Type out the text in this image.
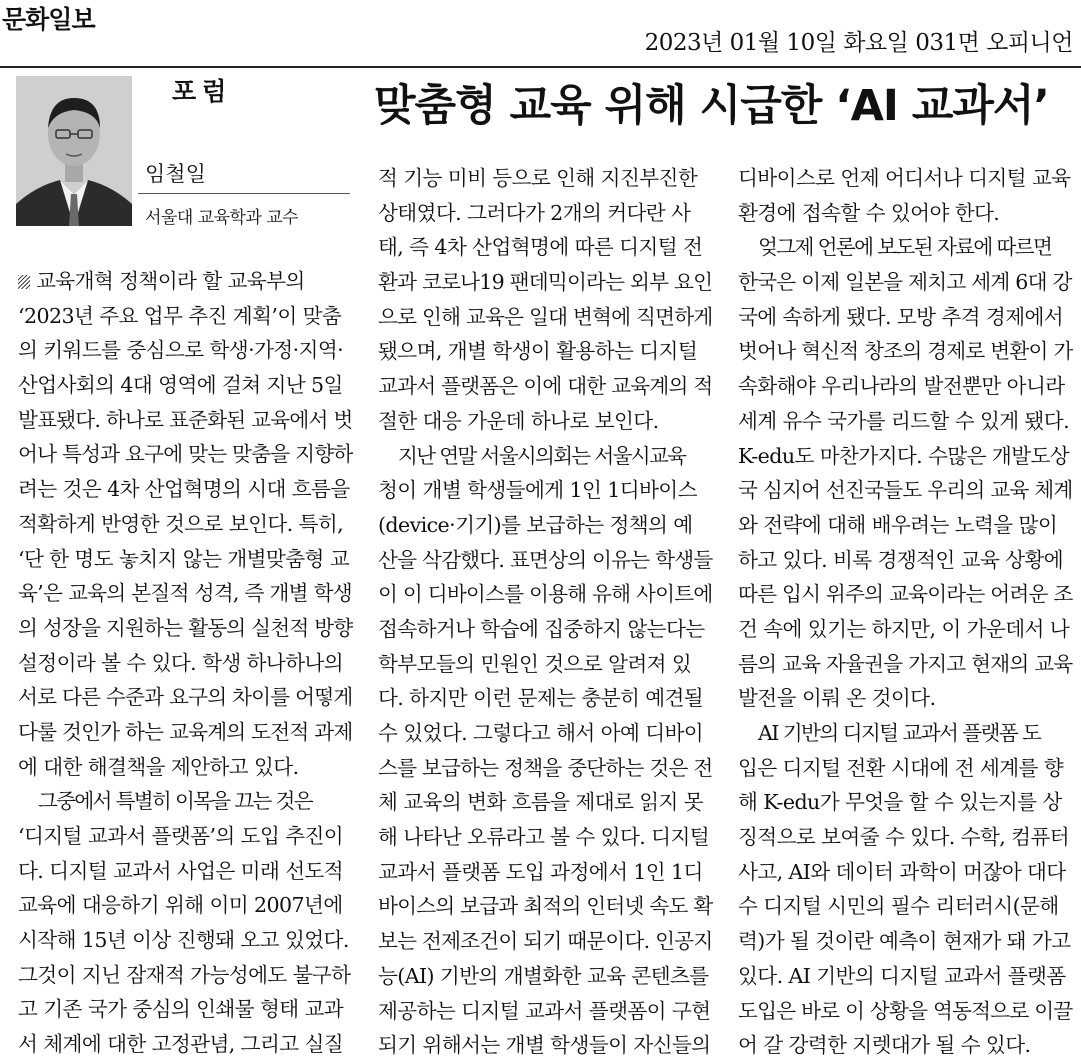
문화일보
2023년 01월 10일 화요일 031면 오피니언
포럼
임철일
서울대 교육학과 교수
맞춤형 교육 위해 시급한 ‘AI 교과서’

교육개혁 정책이라 할 교육부의
‘2023년 주요 업무 추진 계획’이 맞춤
의 키워드를 중심으로 학생·가정·지역·
산업사회의 4대 영역에 걸쳐 지난 5일
발표됐다. 하나로 표준화된 교육에서 벗
어나 특성과 요구에 맞는 맞춤을 지향하
려는 것은 4차 산업혁명의 시대 흐름을
적확하게 반영한 것으로 보인다. 특히,
‘단 한 명도 놓치지 않는 개별맞춤형 교
육’은 교육의 본질적 성격, 즉 개별 학생
의 성장을 지원하는 활동의 실천적 방향
설정이라 볼 수 있다. 학생 하나하나의
서로 다른 수준과 요구의 차이를 어떻게
다룰 것인가 하는 교육계의 도전적 과제
에 대한 해결책을 제안하고 있다.

그중에서 특별히 이목을 끄는 것은
‘디지털 교과서 플랫폼’의 도입 추진이
다. 디지털 교과서 사업은 미래 선도적
교육에 대응하기 위해 이미 2007년에
시작해 15년 이상 진행돼 오고 있었다.
그것이 지닌 잠재적 가능성에도 불구하
고 기존 국가 중심의 인쇄물 형태 교과
서 체계에 대한 고정관념, 그리고 실질

적 기능 미비 등으로 인해 지진부진한
상태였다. 그러다가 2개의 커다란 사
태, 즉 4차 산업혁명에 따른 디지털 전
환과 코로나19 팬데믹이라는 외부 요인
으로 인해 교육은 일대 변혁에 직면하게
됐으며, 개별 학생이 활용하는 디지털
교과서 플랫폼은 이에 대한 교육계의 적
절한 대응 가운데 하나로 보인다.

지난 연말 서울시의회는 서울시교육
청이 개별 학생들에게 1인 1디바이스
(device·기기)를 보급하는 정책의 예
산을 삭감했다. 표면상의 이유는 학생들
이 이 디바이스를 이용해 유해 사이트에
접속하거나 학습에 집중하지 않는다는
학부모들의 민원인 것으로 알려져 있
다. 하지만 이런 문제는 충분히 예견될
수 있었다. 그렇다고 해서 아예 디바이
스를 보급하는 정책을 중단하는 것은 전
체 교육의 변화 흐름을 제대로 읽지 못
해 나타난 오류라고 볼 수 있다. 디지털
교과서 플랫폼 도입 과정에서 1인 1디
바이스의 보급과 최적의 인터넷 속도 확
보는 전제조건이 되기 때문이다. 인공지
능(AI) 기반의 개별화한 교육 콘텐츠를
제공하는 디지털 교과서 플랫폼이 구현
되기 위해서는 개별 학생들이 자신들의

디바이스로 언제 어디서나 디지털 교육
환경에 접속할 수 있어야 한다.

엊그제 언론에 보도된 자료에 따르면
한국은 이제 일본을 제치고 세계 6대 강
국에 속하게 됐다. 모방 추격 경제에서
벗어나 혁신적 창조의 경제로 변환이 가
속화해야 우리나라의 발전뿐만 아니라
세계 유수 국가를 리드할 수 있게 됐다.
K-edu도 마찬가지다. 수많은 개발도상
국 심지어 선진국들도 우리의 교육 체계
와 전략에 대해 배우려는 노력을 많이
하고 있다. 비록 경쟁적인 교육 상황에
따른 입시 위주의 교육이라는 어려운 조
건 속에 있기는 하지만, 이 가운데서 나
름의 교육 자율권을 가지고 현재의 교육
발전을 이뤄 온 것이다.

AI 기반의 디지털 교과서 플랫폼 도
입은 디지털 전환 시대에 전 세계를 향
해 K-edu가 무엇을 할 수 있는지를 상
징적으로 보여줄 수 있다. 수학, 컴퓨터
사고, AI와 데이터 과학이 머잖아 대다
수 디지털 시민의 필수 리터러시(문해
력)가 될 것이란 예측이 현재가 돼 가고
있다. AI 기반의 디지털 교과서 플랫폼
도입은 바로 이 상황을 역동적으로 이끌
어 갈 강력한 지렛대가 될 수 있다.
